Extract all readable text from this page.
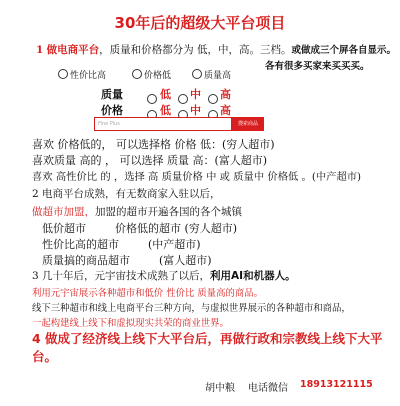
30年后的超级大平台项目
1 做电商平台，质量和价格都分为 低，中，高。三档。或做成三个屏各自显示。
各有很多买家来买买买。
性价比高	价格低	质量高
质量	低 中 高
价格	低 中 高
Fine Plus	搜索商品
喜欢 价格低的， 可以选择格 价格 低：(穷人超市)
喜欢质量 高的 ， 可以选择 质量 高：(富人超市)
喜欢 高性价比 的 ，选择 高 质量价格 中 或 质量中 价格低 。(中产超市)
2 电商平台成熟，有无数商家入驻以后，
做超市加盟，加盟的超市开遍各国的各个城镇
低价超市	价格低的超市 (穷人超市)
性价比高的超市	(中产超市)
质量搞的商品超市	(富人超市)
3 几十年后，元宇宙技术成熟了以后，利用AI和机器人。
利用元宇宙展示各种超市和低价 性价比 质量高的商品。
线下三种超市和线上电商平台三种方向，与虚拟世界展示的各种超市和商品，
一起构建线上线下和虚拟现实共荣的商业世界。
4 做成了经济线上线下大平台后，再做行政和宗教线上线下大平台。
胡中粮 电话微信 18913121115
